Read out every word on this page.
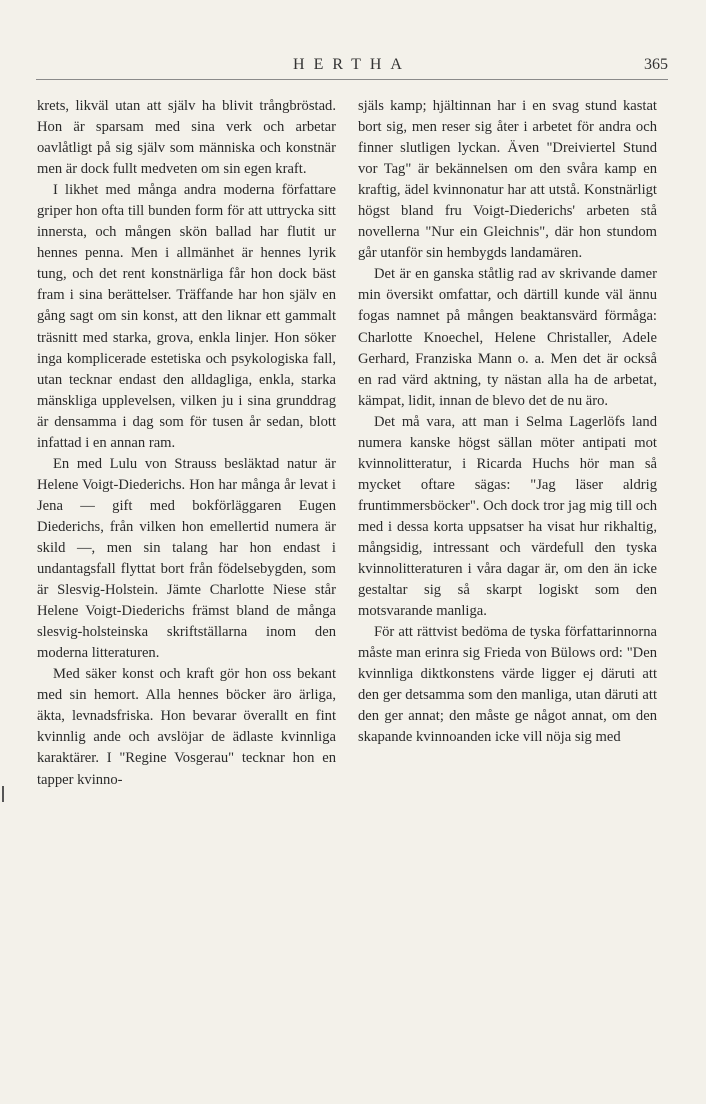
HERTHA	365

krets, likväl utan att själv ha blivit trångbröstad. Hon är sparsam med sina verk och arbetar oavlåtligt på sig själv som människa och konstnär men är dock fullt medveten om sin egen kraft.

I likhet med många andra moderna författare griper hon ofta till bunden form för att uttrycka sitt innersta, och mången skön ballad har flutit ur hennes penna. Men i allmänhet är hennes lyrik tung, och det rent konstnärliga får hon dock bäst fram i sina berättelser. Träffande har hon själv en gång sagt om sin konst, att den liknar ett gammalt träsnitt med starka, grova, enkla linjer. Hon söker inga komplicerade estetiska och psykologiska fall, utan tecknar endast den alldagliga, enkla, starka mänskliga upplevelsen, vilken ju i sina grunddrag är densamma i dag som för tusen år sedan, blott infattad i en annan ram.

En med Lulu von Strauss besläktad natur är Helene Voigt-Diederichs. Hon har många år levat i Jena — gift med bokförläggaren Eugen Diederichs, från vilken hon emellertid numera är skild —, men sin talang har hon endast i undantagsfall flyttat bort från födelsebygden, som är Slesvig-Holstein. Jämte Charlotte Niese står Helene Voigt-Diederichs främst bland de många slesvig-holsteinska skriftställarna inom den moderna litteraturen.

Med säker konst och kraft gör hon oss bekant med sin hemort. Alla hennes böcker äro ärliga, äkta, levnadsfriska. Hon bevarar överallt en fint kvinnlig ande och avslöjar de ädlaste kvinnliga karaktärer. I "Regine Vosgerau" tecknar hon en tapper kvinno-

själs kamp; hjältinnan har i en svag stund kastat bort sig, men reser sig åter i arbetet för andra och finner slutligen lyckan. Även "Dreiviertel Stund vor Tag" är bekännelsen om den svåra kamp en kraftig, ädel kvinnonatur har att utstå. Konstnärligt högst bland fru Voigt-Diederichs' arbeten stå novellerna "Nur ein Gleichnis", där hon stundom går utanför sin hembygds landamären.

Det är en ganska ståtlig rad av skrivande damer min översikt omfattar, och därtill kunde väl ännu fogas namnet på mången beaktansvärd förmåga: Charlotte Knoechel, Helene Christaller, Adele Gerhard, Franziska Mann o. a. Men det är också en rad värd aktning, ty nästan alla ha de arbetat, kämpat, lidit, innan de blevo det de nu äro.

Det må vara, att man i Selma Lagerlöfs land numera kanske högst sällan möter antipati mot kvinnolitteratur, i Ricarda Huchs hör man så mycket oftare sägas: "Jag läser aldrig fruntimmersböcker". Och dock tror jag mig till och med i dessa korta uppsatser ha visat hur rikhaltig, mångsidig, intressant och värdefull den tyska kvinnolitteraturen i våra dagar är, om den än icke gestaltar sig så skarpt logiskt som den motsvarande manliga.

För att rättvist bedöma de tyska författarinnorna måste man erinra sig Frieda von Bülows ord: "Den kvinnliga diktkonstens värde ligger ej däruti att den ger detsamma som den manliga, utan däruti att den ger annat; den måste ge något annat, om den skapande kvinnoanden icke vill nöja sig med
